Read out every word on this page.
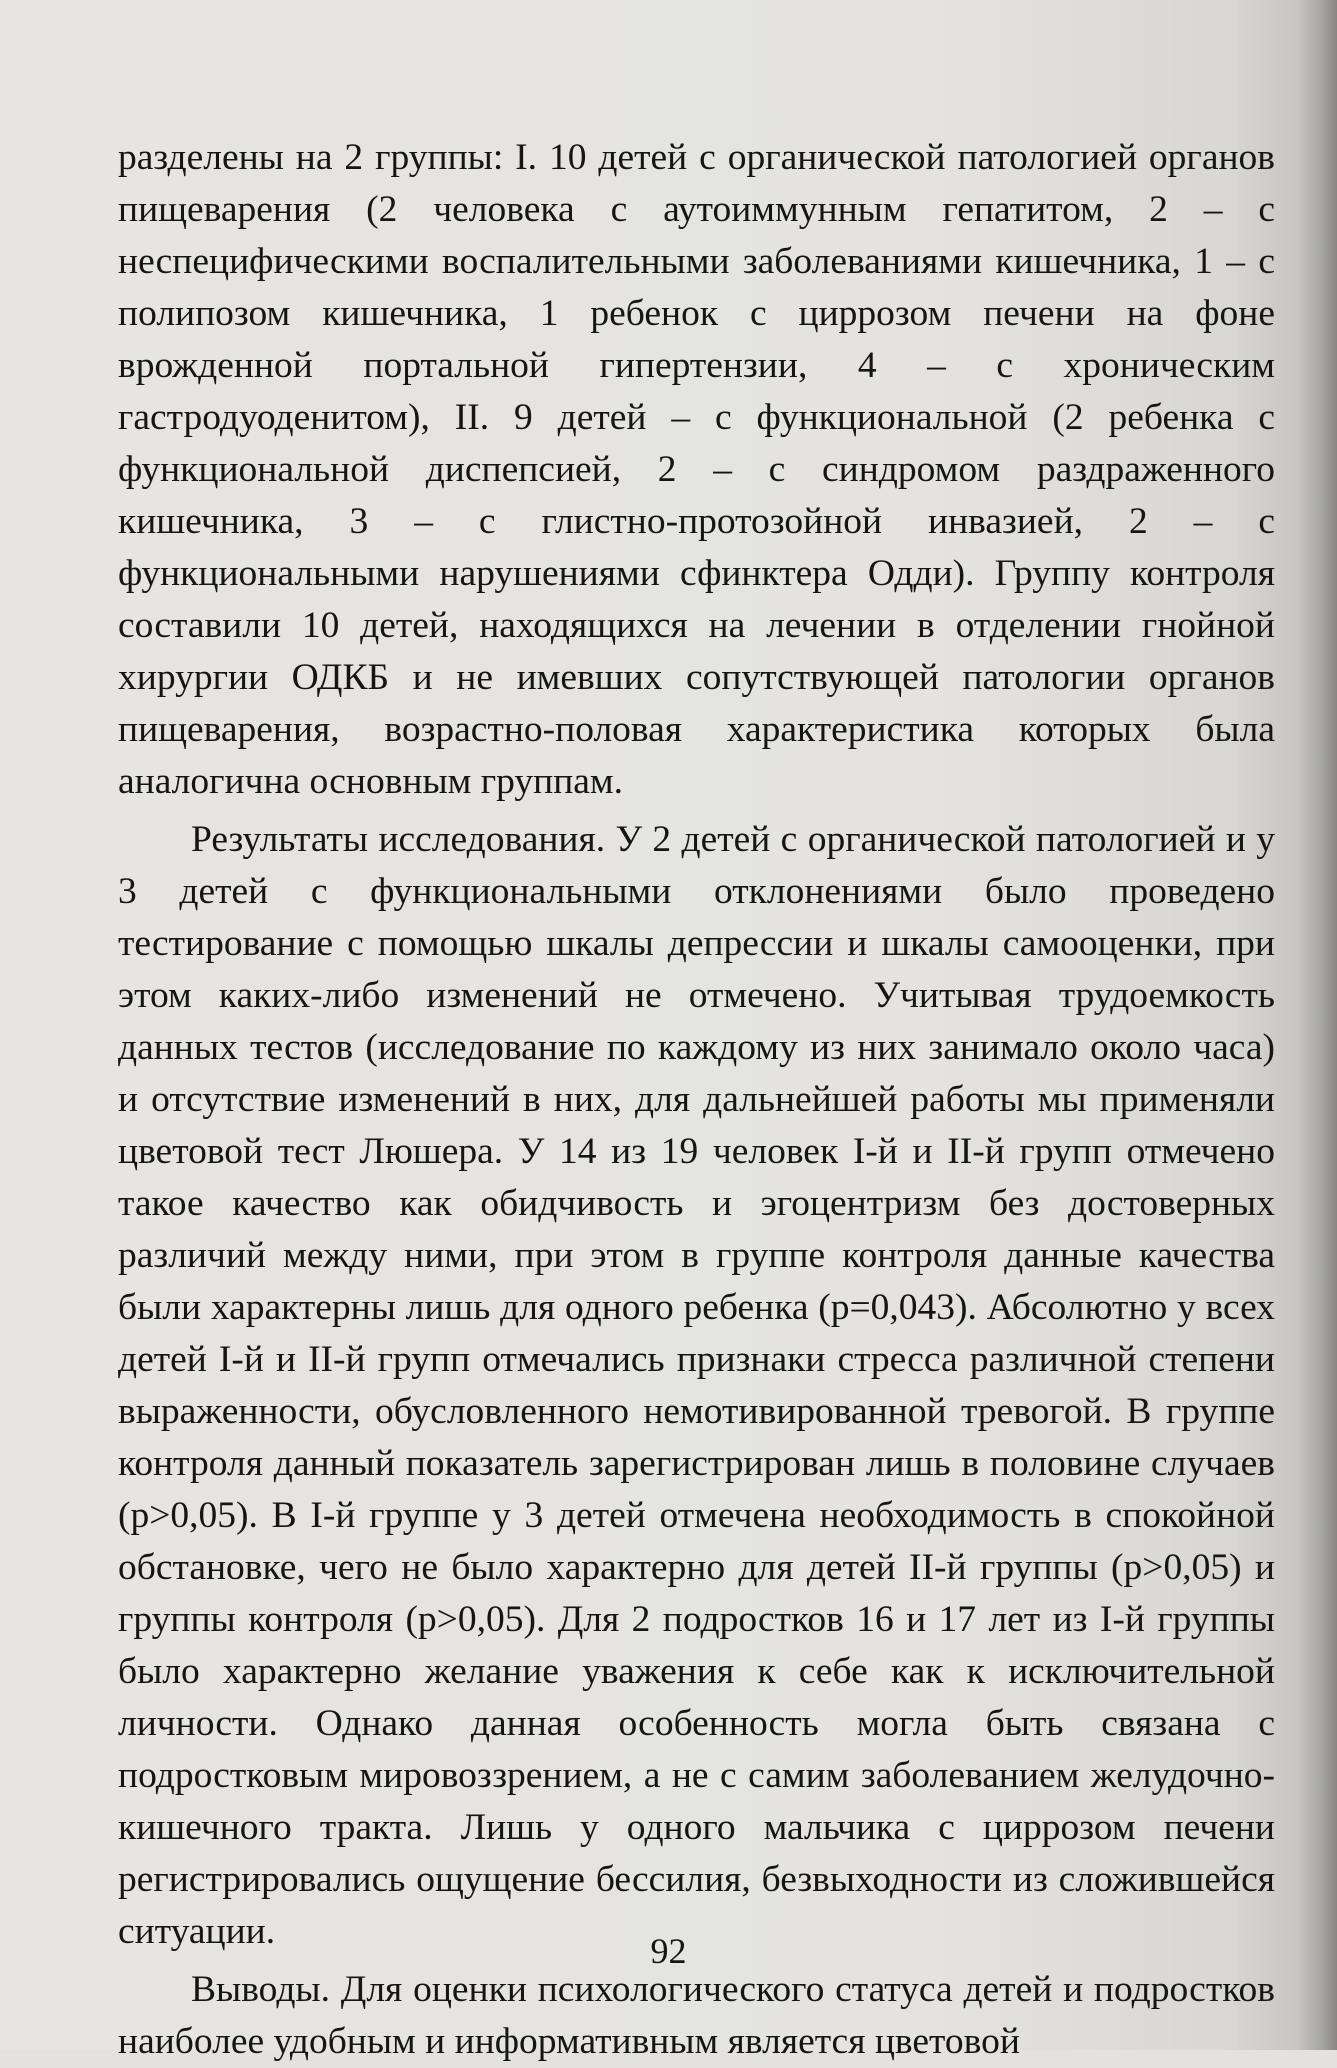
разделены на 2 группы: I. 10 детей с органической патологией органов пищеварения (2 человека с аутоиммунным гепатитом, 2 – с неспецифическими воспалительными заболеваниями кишечника, 1 – с полипозом кишечника, 1 ребенок с циррозом печени на фоне врожденной портальной гипертензии, 4 – с хроническим гастродуоденитом), II. 9 детей – с функциональной (2 ребенка с функциональной диспепсией, 2 – с синдромом раздраженного кишечника, 3 – с глистно-протозойной инвазией, 2 – с функциональными нарушениями сфинктера Одди). Группу контроля составили 10 детей, находящихся на лечении в отделении гнойной хирургии ОДКБ и не имевших сопутствующей патологии органов пищеварения, возрастно-половая характеристика которых была аналогична основным группам.

Результаты исследования. У 2 детей с органической патологией и у 3 детей с функциональными отклонениями было проведено тестирование с помощью шкалы депрессии и шкалы самооценки, при этом каких-либо изменений не отмечено. Учитывая трудоемкость данных тестов (исследование по каждому из них занимало около часа) и отсутствие изменений в них, для дальнейшей работы мы применяли цветовой тест Люшера. У 14 из 19 человек I-й и II-й групп отмечено такое качество как обидчивость и эгоцентризм без достоверных различий между ними, при этом в группе контроля данные качества были характерны лишь для одного ребенка (p=0,043). Абсолютно у всех детей I-й и II-й групп отмечались признаки стресса различной степени выраженности, обусловленного немотивированной тревогой. В группе контроля данный показатель зарегистрирован лишь в половине случаев (p>0,05). В I-й группе у 3 детей отмечена необходимость в спокойной обстановке, чего не было характерно для детей II-й группы (p>0,05) и группы контроля (p>0,05). Для 2 подростков 16 и 17 лет из I-й группы было характерно желание уважения к себе как к исключительной личности. Однако данная особенность могла быть связана с подростковым мировоззрением, а не с самим заболеванием желудочно-кишечного тракта. Лишь у одного мальчика с циррозом печени регистрировались ощущение бессилия, безвыходности из сложившейся ситуации.

Выводы. Для оценки психологического статуса детей и подростков наиболее удобным и информативным является цветовой

92
